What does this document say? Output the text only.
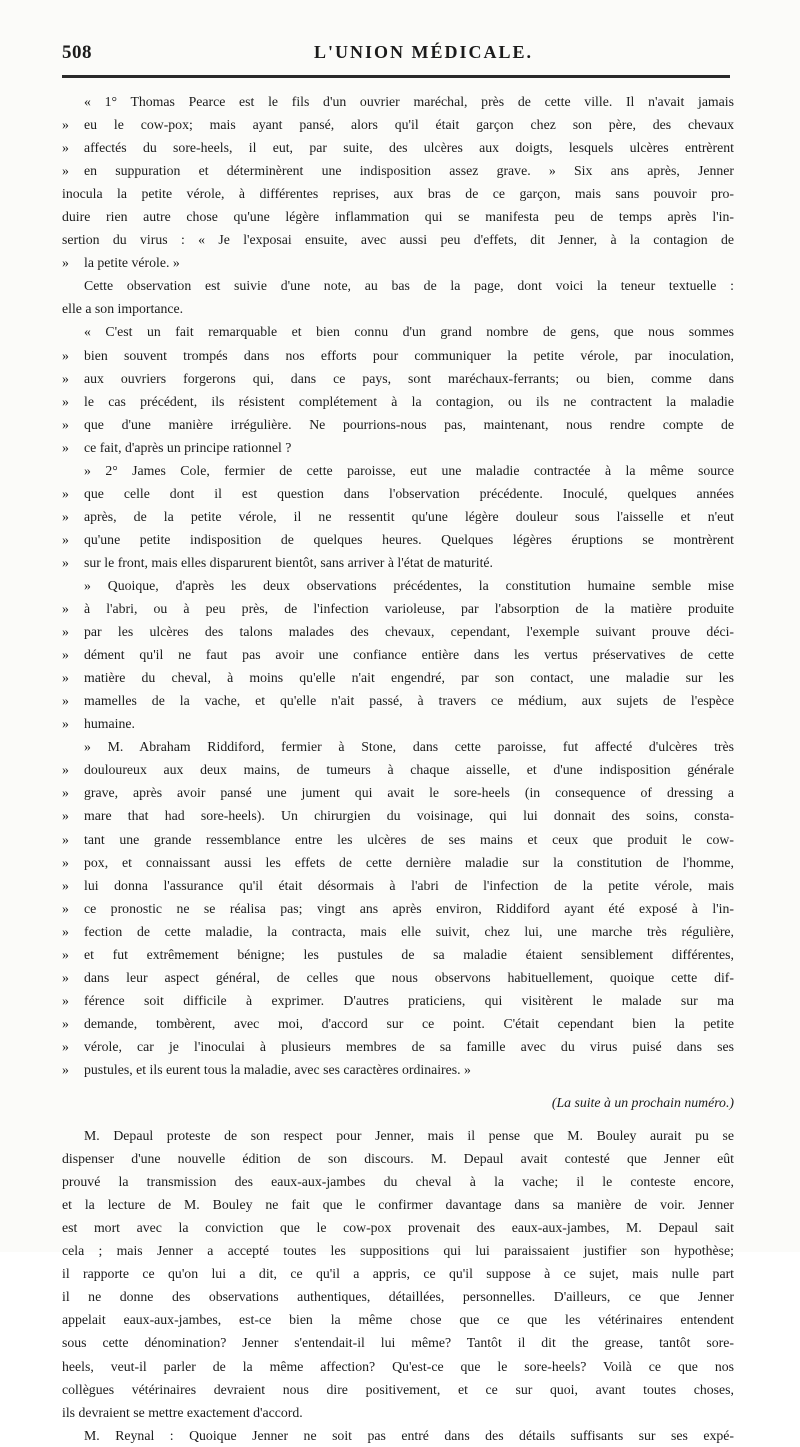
508	L'UNION MÉDICALE.
« 1° Thomas Pearce est le fils d'un ouvrier maréchal, près de cette ville. Il n'avait jamais
»	eu le cow-pox; mais ayant pansé, alors qu'il était garçon chez son père, des chevaux
»	affectés du sore-heels, il eut, par suite, des ulcères aux doigts, lesquels ulcères entrèrent
»	en suppuration et déterminèrent une indisposition assez grave. » Six ans après, Jenner
inocula la petite vérole, à différentes reprises, aux bras de ce garçon, mais sans pouvoir pro-
duire rien autre chose qu'une légère inflammation qui se manifesta peu de temps après l'in-
sertion du virus : « Je l'exposai ensuite, avec aussi peu d'effets, dit Jenner, à la contagion de
»	la petite vérole. »
Cette observation est suivie d'une note, au bas de la page, dont voici la teneur textuelle :
elle a son importance.
« C'est un fait remarquable et bien connu d'un grand nombre de gens, que nous sommes
»	bien souvent trompés dans nos efforts pour communiquer la petite vérole, par inoculation,
»	aux ouvriers forgerons qui, dans ce pays, sont maréchaux-ferrants; ou bien, comme dans
»	le cas précédent, ils résistent complétement à la contagion, ou ils ne contractent la maladie
»	que d'une manière irrégulière. Ne pourrions-nous pas, maintenant, nous rendre compte de
»	ce fait, d'après un principe rationnel ?
» 2° James Cole, fermier de cette paroisse, eut une maladie contractée à la même source
»	que celle dont il est question dans l'observation précédente. Inoculé, quelques années
»	après, de la petite vérole, il ne ressentit qu'une légère douleur sous l'aisselle et n'eut
»	qu'une petite indisposition de quelques heures. Quelques légères éruptions se montrèrent
»	sur le front, mais elles disparurent bientôt, sans arriver à l'état de maturité.
» Quoique, d'après les deux observations précédentes, la constitution humaine semble mise
»	à l'abri, ou à peu près, de l'infection varioleuse, par l'absorption de la matière produite
»	par les ulcères des talons malades des chevaux, cependant, l'exemple suivant prouve déci-
»	dément qu'il ne faut pas avoir une confiance entière dans les vertus préservatives de cette
»	matière du cheval, à moins qu'elle n'ait engendré, par son contact, une maladie sur les
»	mamelles de la vache, et qu'elle n'ait passé, à travers ce médium, aux sujets de l'espèce
»	humaine.
» M. Abraham Riddiford, fermier à Stone, dans cette paroisse, fut affecté d'ulcères très
»	douloureux aux deux mains, de tumeurs à chaque aisselle, et d'une indisposition générale
»	grave, après avoir pansé une jument qui avait le sore-heels (in consequence of dressing a
»	mare that had sore-heels). Un chirurgien du voisinage, qui lui donnait des soins, consta-
»	tant une grande ressemblance entre les ulcères de ses mains et ceux que produit le cow-
»	pox, et connaissant aussi les effets de cette dernière maladie sur la constitution de l'homme,
»	lui donna l'assurance qu'il était désormais à l'abri de l'infection de la petite vérole, mais
»	ce pronostic ne se réalisa pas; vingt ans après environ, Riddiford ayant été exposé à l'in-
»	fection de cette maladie, la contracta, mais elle suivit, chez lui, une marche très régulière,
»	et fut extrêmement bénigne; les pustules de sa maladie étaient sensiblement différentes,
»	dans leur aspect général, de celles que nous observons habituellement, quoique cette dif-
»	férence soit difficile à exprimer. D'autres praticiens, qui visitèrent le malade sur ma
»	demande, tombèrent, avec moi, d'accord sur ce point. C'était cependant bien la petite
»	vérole, car je l'inoculai à plusieurs membres de sa famille avec du virus puisé dans ses
»	pustules, et ils eurent tous la maladie, avec ses caractères ordinaires. »
(La suite à un prochain numéro.)
M. Depaul proteste de son respect pour Jenner, mais il pense que M. Bouley aurait pu se
dispenser d'une nouvelle édition de son discours. M. Depaul avait contesté que Jenner eût
prouvé la transmission des eaux-aux-jambes du cheval à la vache; il le conteste encore,
et la lecture de M. Bouley ne fait que le confirmer davantage dans sa manière de voir. Jenner
est mort avec la conviction que le cow-pox provenait des eaux-aux-jambes, M. Depaul sait
cela ; mais Jenner a accepté toutes les suppositions qui lui paraissaient justifier son hypothèse;
il rapporte ce qu'on lui a dit, ce qu'il a appris, ce qu'il suppose à ce sujet, mais nulle part
il ne donne des observations authentiques, détaillées, personnelles. D'ailleurs, ce que Jenner
appelait eaux-aux-jambes, est-ce bien la même chose que ce que les vétérinaires entendent
sous cette dénomination? Jenner s'entendait-il lui même? Tantôt il dit the grease, tantôt sore-
heels, veut-il parler de la même affection? Qu'est-ce que le sore-heels? Voilà ce que nos
collègues vétérinaires devraient nous dire positivement, et ce sur quoi, avant toutes choses,
ils devraient se mettre exactement d'accord.
M. Reynal : Quoique Jenner ne soit pas entré dans des détails suffisants sur ses expé-
